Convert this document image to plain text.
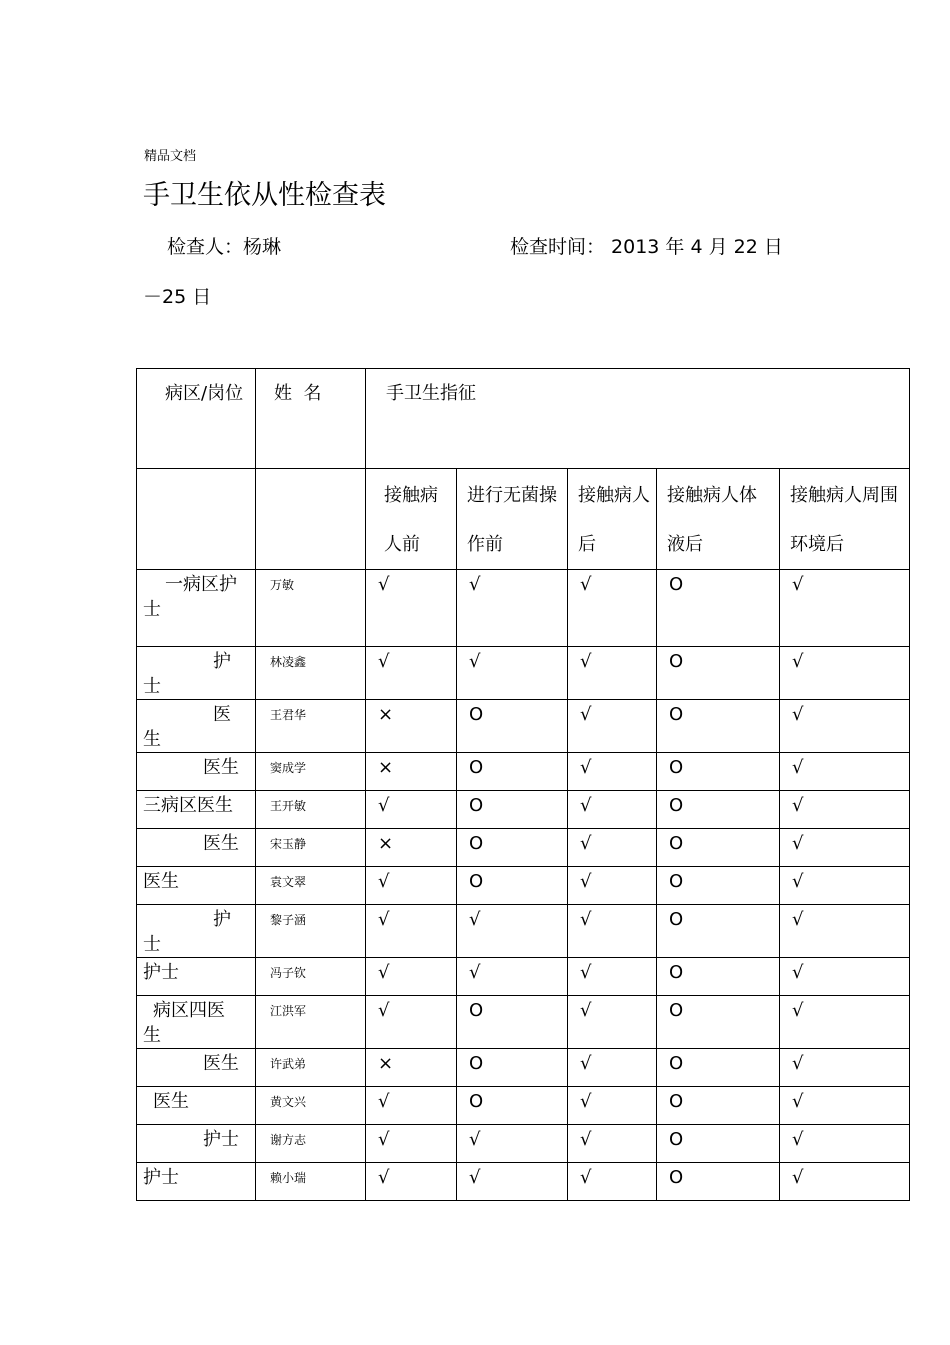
精品文档
手卫生依从性检查表
检查人：杨琳	检查时间： 2013 年 4 月 22 日
－25 日
病区/岗位	姓  名	手卫生指征				
		接触病人前	进行无菌操作前	接触病人后	接触病人体液后	接触病人周围环境后
一病区护士	万敏	√	√	√	O	√
护士	林凌鑫	√	√	√	O	√
医生	王君华	×	O	√	O	√
医生	窦成学	×	O	√	O	√
三病区医生	王开敏	√	O	√	O	√
医生	宋玉静	×	O	√	O	√
医生	袁文翠	√	O	√	O	√
护士	黎子涵	√	√	√	O	√
护士	冯子钦	√	√	√	O	√
病区四医生	江洪军	√	O	√	O	√
医生	许武弟	×	O	√	O	√
医生	黄文兴	√	O	√	O	√
护士	谢方志	√	√	√	O	√
护士	赖小瑞	√	√	√	O	√
